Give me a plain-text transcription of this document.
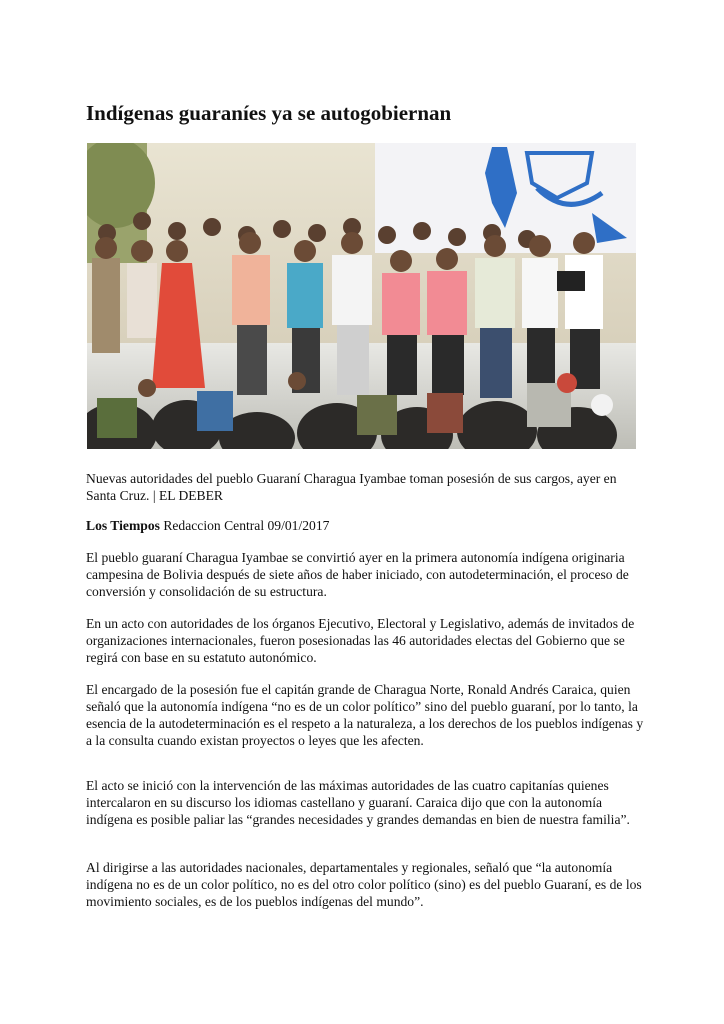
Indígenas guaraníes ya se autogobiernan

Nuevas autoridades del pueblo Guaraní Charagua Iyambae toman posesión de sus cargos, ayer en Santa Cruz. | EL DEBER

Los Tiempos Redaccion Central 09/01/2017

El pueblo guaraní Charagua Iyambae se convirtió ayer en la primera autonomía indígena originaria campesina de Bolivia después de siete años de haber iniciado, con autodeterminación, el proceso de conversión y consolidación de su estructura.

En un acto con autoridades de los órganos Ejecutivo, Electoral y Legislativo, además de invitados de organizaciones internacionales, fueron posesionadas las 46 autoridades electas del Gobierno que se regirá con base en su estatuto autonómico.

El encargado de la posesión fue el capitán grande de Charagua Norte, Ronald Andrés Caraica, quien señaló que la autonomía indígena “no es de un color político” sino del pueblo guaraní, por lo tanto, la esencia de la autodeterminación es el respeto a la naturaleza, a los derechos de los pueblos indígenas y a la consulta cuando existan proyectos o leyes que les afecten.

El acto se inició con la intervención de las máximas autoridades de las cuatro capitanías quienes intercalaron en su discurso los idiomas castellano y guaraní. Caraica dijo que con la autonomía indígena es posible paliar las “grandes necesidades y grandes demandas en bien de nuestra familia”.

Al dirigirse a las autoridades nacionales, departamentales y regionales, señaló que “la autonomía indígena no es de un color político, no es del otro color político (sino) es del pueblo Guaraní, es de los movimiento sociales, es de los pueblos indígenas del mundo”.
